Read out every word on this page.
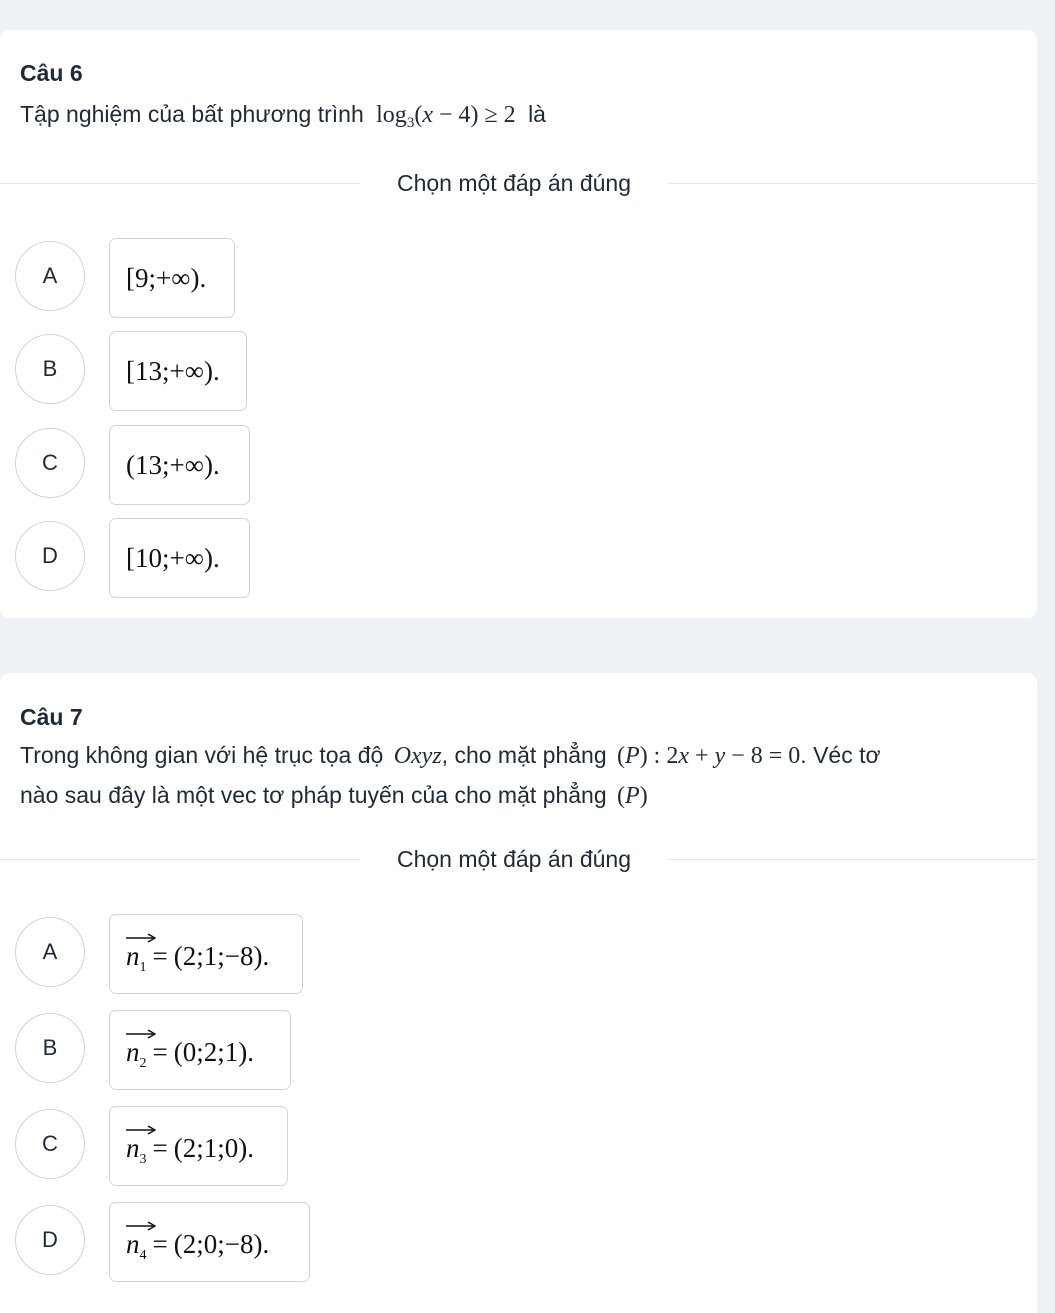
Câu 6
Tập nghiệm của bất phương trình $\log_3(x - 4) \ge 2$ là
Chọn một đáp án đúng
A	[9;+∞).
B	[13;+∞).
C	(13;+∞).
D	[10;+∞).
Câu 7
Trong không gian với hệ trục tọa độ Oxyz, cho mặt phẳng (P) : 2x + y − 8 = 0. Véc tơ
nào sau đây là một vec tơ pháp tuyến của cho mặt phẳng (P)
Chọn một đáp án đúng
A	$n_1$ = (2;1;−8).
B	$n_2$ = (0;2;1).
C	$n_3$ = (2;1;0).
D	$n_4$ = (2;0;−8).
